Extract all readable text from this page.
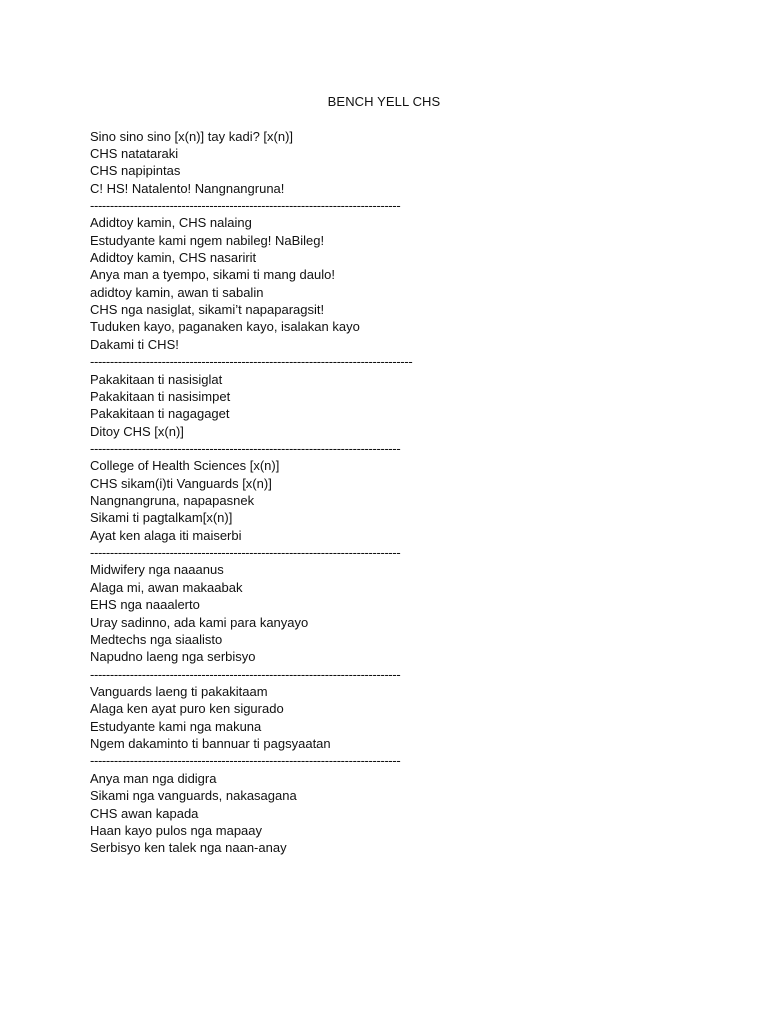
BENCH YELL CHS
Sino sino sino [x(n)] tay kadi? [x(n)]
CHS natataraki
CHS napipintas
C! HS! Natalento! Nangnangruna!
------------------------------------------------------------------------------
Adidtoy kamin, CHS nalaing
Estudyante kami ngem nabileg! NaBileg!
Adidtoy kamin, CHS nasaririt
Anya man a tyempo, sikami ti mang daulo!
adidtoy kamin, awan ti sabalin
CHS nga nasiglat, sikami’t napaparagsit!
Tuduken kayo, paganaken kayo, isalakan kayo
Dakami ti CHS!
---------------------------------------------------------------------------------
Pakakitaan ti nasisiglat
Pakakitaan ti nasisimpet
Pakakitaan ti nagagaget
Ditoy CHS [x(n)]
------------------------------------------------------------------------------
College of Health Sciences [x(n)]
CHS sikam(i)ti Vanguards [x(n)]
Nangnangruna, napapasnek
Sikami ti pagtalkam[x(n)]
Ayat ken alaga iti maiserbi
------------------------------------------------------------------------------
Midwifery nga naaanus
Alaga mi, awan makaabak
EHS nga naaalerto
Uray sadinno, ada kami para kanyayo
Medtechs nga siaalisto
Napudno laeng nga serbisyo
------------------------------------------------------------------------------
Vanguards laeng ti pakakitaam
Alaga ken ayat puro ken sigurado
Estudyante kami nga makuna
Ngem dakaminto ti bannuar ti pagsyaatan
------------------------------------------------------------------------------
Anya man nga didigra
Sikami nga vanguards, nakasagana
CHS awan kapada
Haan kayo pulos nga mapaay
Serbisyo ken talek nga naan-anay
